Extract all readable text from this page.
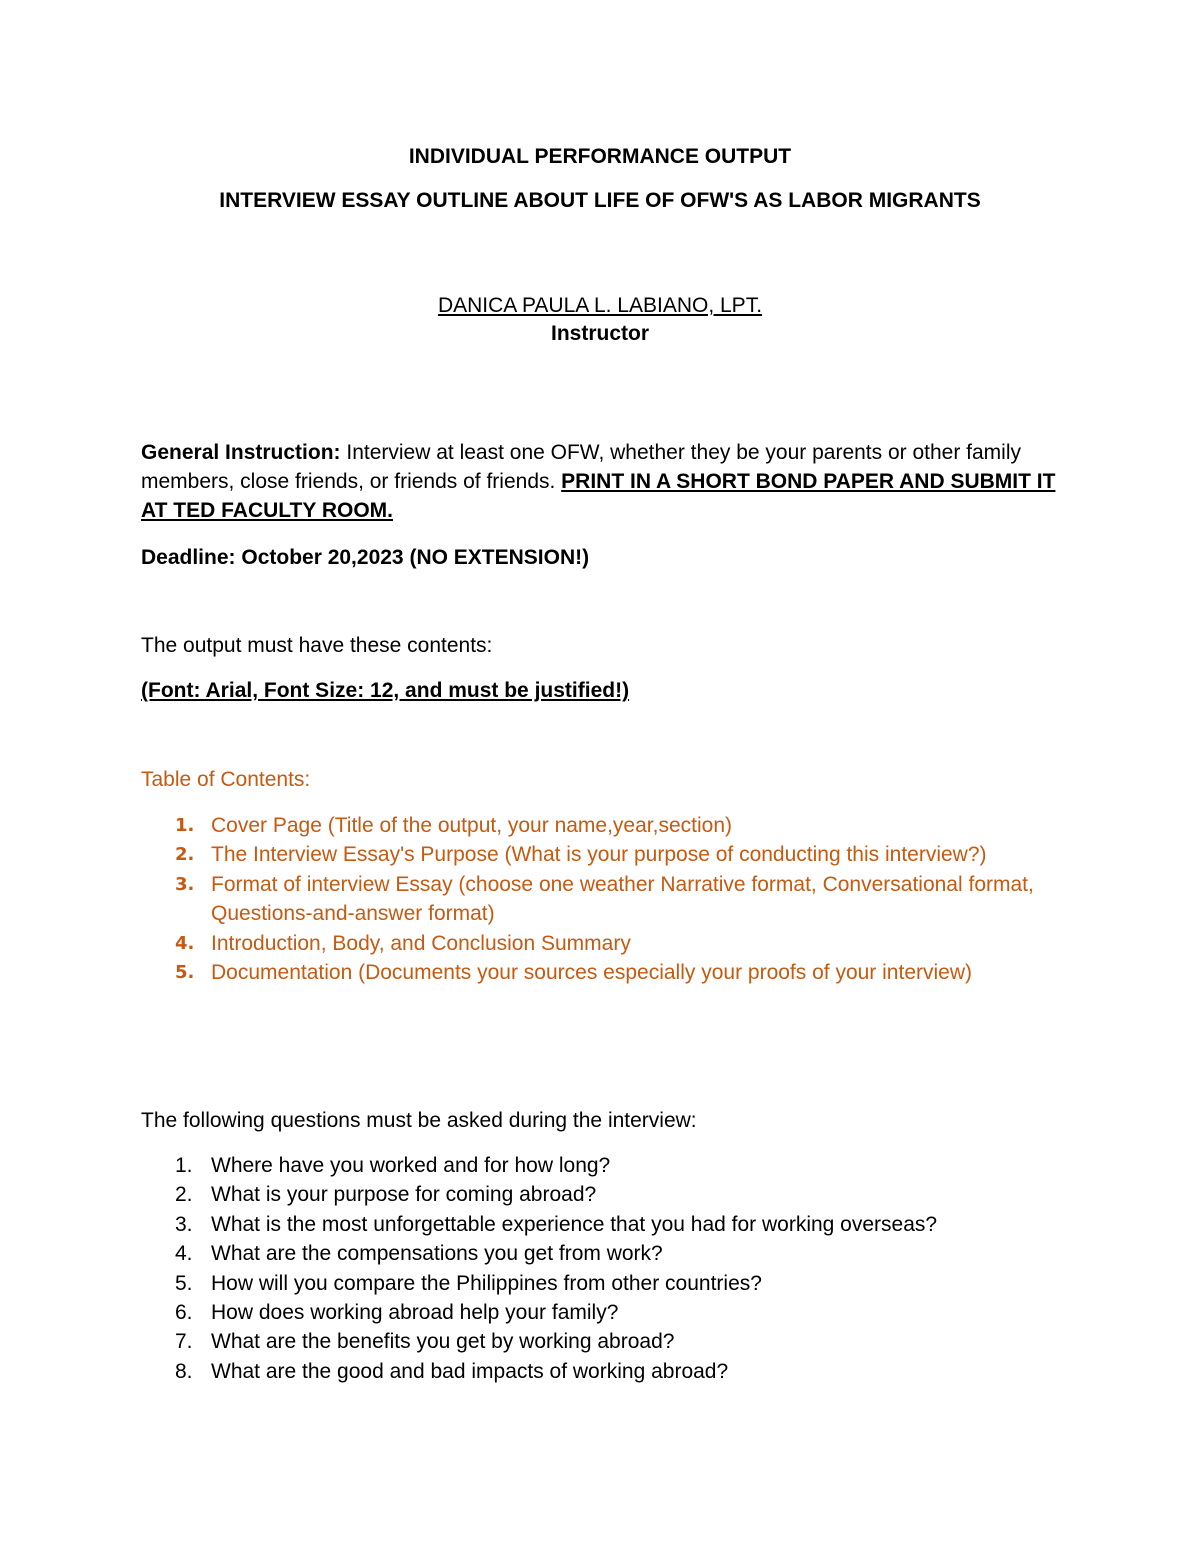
INDIVIDUAL PERFORMANCE OUTPUT
INTERVIEW ESSAY OUTLINE ABOUT LIFE OF OFW'S AS LABOR MIGRANTS
DANICA PAULA L. LABIANO, LPT.
Instructor
General Instruction: Interview at least one OFW, whether they be your parents or other family members, close friends, or friends of friends. PRINT IN A SHORT BOND PAPER AND SUBMIT IT AT TED FACULTY ROOM.
Deadline: October 20,2023 (NO EXTENSION!)
The output must have these contents:
(Font: Arial, Font Size: 12, and must be justified!)
Table of Contents:
1. Cover Page (Title of the output, your name,year,section)
2. The Interview Essay's Purpose (What is your purpose of conducting this interview?)
3. Format of interview Essay (choose one weather Narrative format, Conversational format, Questions-and-answer format)
4. Introduction, Body, and Conclusion Summary
5. Documentation (Documents your sources especially your proofs of your interview)
The following questions must be asked during the interview:
1. Where have you worked and for how long?
2. What is your purpose for coming abroad?
3. What is the most unforgettable experience that you had for working overseas?
4. What are the compensations you get from work?
5. How will you compare the Philippines from other countries?
6. How does working abroad help your family?
7. What are the benefits you get by working abroad?
8. What are the good and bad impacts of working abroad?
